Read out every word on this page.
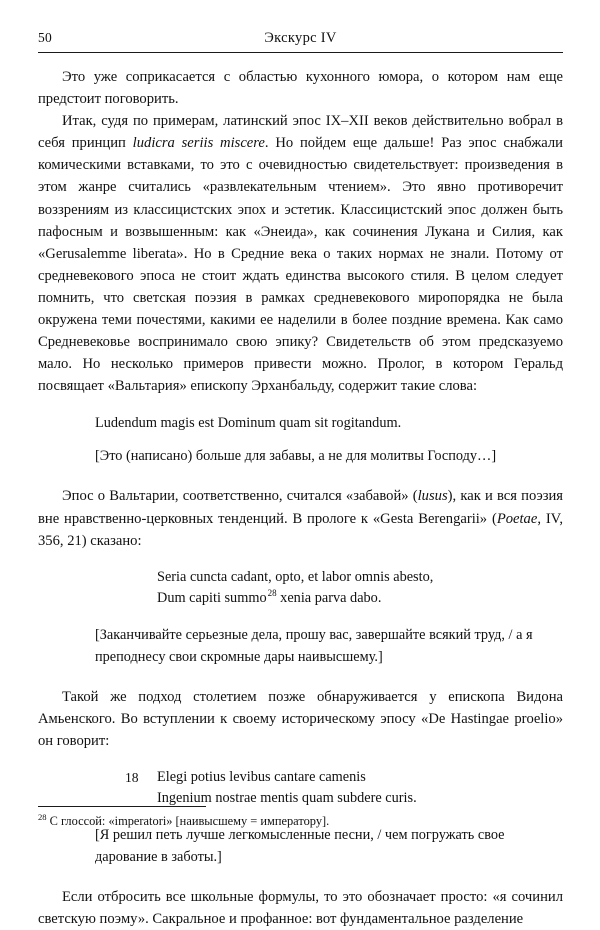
50	Экскурс IV

Это уже соприкасается с областью кухонного юмора, о котором нам еще предстоит поговорить.

Итак, судя по примерам, латинский эпос IX–XII веков действительно вобрал в себя принцип ludicra seriis miscere. Но пойдем еще дальше! Раз эпос снабжали комическими вставками, то это с очевидностью свидетельствует: произведения в этом жанре считались «развлекательным чтением». Это явно противоречит воззрениям из классицистских эпох и эстетик. Классицистский эпос должен быть пафосным и возвышенным: как «Энеида», как сочинения Лукана и Силия, как «Gerusalemme liberata». Но в Средние века о таких нормах не знали. Потому от средневекового эпоса не стоит ждать единства высокого стиля. В целом следует помнить, что светская поэзия в рамках средневекового миропорядка не была окружена теми почестями, какими ее наделили в более поздние времена. Как само Средневековье воспринимало свою эпику? Свидетельств об этом предсказуемо мало. Но несколько примеров привести можно. Пролог, в котором Геральд посвящает «Вальтария» епископу Эрханбальду, содержит такие слова:

Ludendum magis est Dominum quam sit rogitandum.

[Это (написано) больше для забавы, а не для молитвы Господу…]

Эпос о Вальтарии, соответственно, считался «забавой» (lusus), как и вся поэзия вне нравственно-церковных тенденций. В прологе к «Gesta Berengarii» (Poetae, IV, 356, 21) сказано:

Seria cuncta cadant, opto, et labor omnis abesto,
Dum capiti summo$^{28}$ xenia parva dabo.

[Заканчивайте серьезные дела, прошу вас, завершайте всякий труд, / а я преподнесу свои скромные дары наивысшему.]

Такой же подход столетием позже обнаруживается у епископа Видона Амьенского. Во вступлении к своему историческому эпосу «De Hastingae proelio» он говорит:

18 Elegi potius levibus cantare camenis
Ingenium nostrae mentis quam subdere curis.

[Я решил петь лучше легкомысленные песни, / чем погружать свое дарование в заботы.]

Если отбросить все школьные формулы, то это обозначает просто: «я сочинил светскую поэму». Сакральное и профанное: вот фундаментальное разделение

$^{28}$ С глоссой: «imperatori» [наивысшему = императору].
